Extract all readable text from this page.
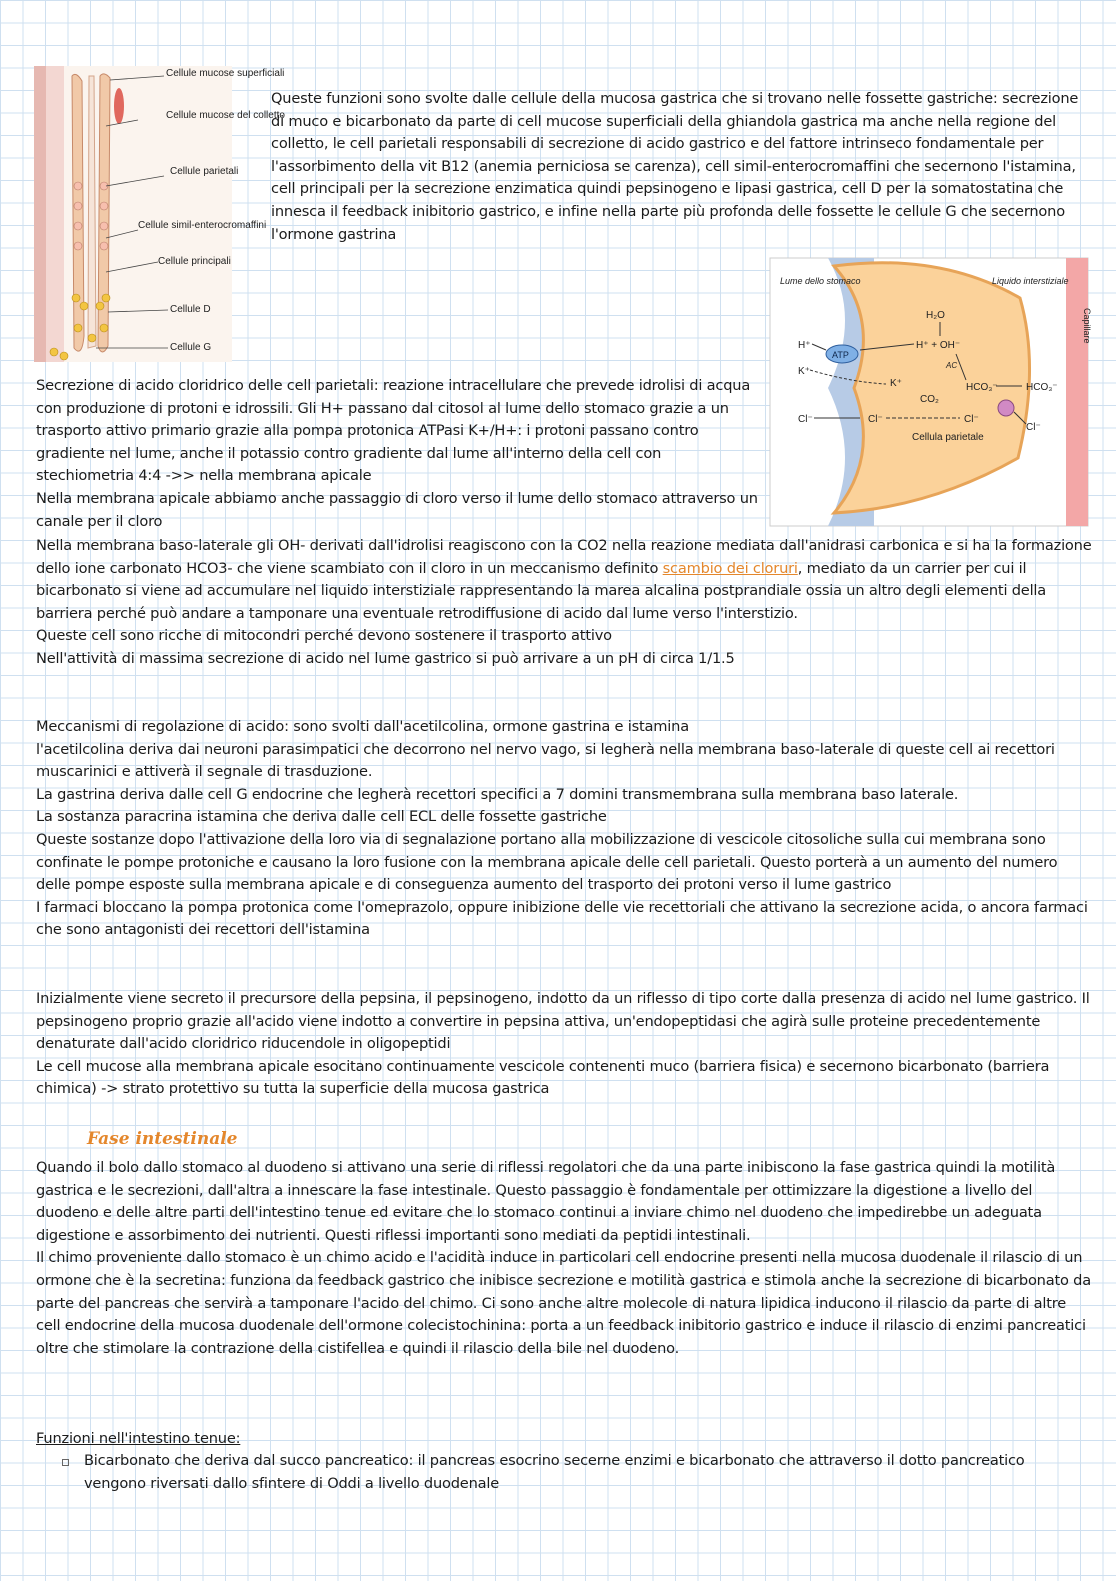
Cellule mucose superficiali
Cellule mucose del colletto
Cellule parietali
Cellule simil-enterocromaffini
Cellule principali
Cellule D
Cellule G
Lume dello stomaco	Liquido interstiziale
Capillare
Cellula parietale
H₂O
H⁺ + OH⁻
H⁺
K⁺
K⁺
AC
HCO₃⁻	HCO₃⁻
CO₂
Cl⁻	Cl⁻	Cl⁻
Cl⁻
ATP

Queste funzioni sono svolte dalle cellule della mucosa gastrica che si trovano nelle fossette gastriche: secrezione di muco e bicarbonato da parte di cell mucose superficiali della ghiandola gastrica ma anche nella regione del colletto, le cell parietali responsabili di secrezione di acido gastrico e del fattore intrinseco fondamentale per l'assorbimento della vit B12 (anemia perniciosa se carenza), cell simil-enterocromaffini che secernono l'istamina, cell principali per la secrezione enzimatica quindi pepsinogeno e lipasi gastrica, cell D per la somatostatina che innesca il feedback inibitorio gastrico, e infine nella parte più profonda delle fossette le cellule G che secernono l'ormone gastrina

Secrezione di acido cloridrico delle cell parietali: reazione intracellulare che prevede idrolisi di acqua con produzione di protoni e idrossili. Gli H+ passano dal citosol al lume dello stomaco grazie a un trasporto attivo primario grazie alla pompa protonica ATPasi K+/H+: i protoni passano contro gradiente nel lume, anche il potassio contro gradiente dal lume all'interno della cell con stechiometria 4:4 ->> nella membrana apicale
Nella membrana apicale abbiamo anche passaggio di cloro verso il lume dello stomaco attraverso un canale per il cloro

Nella membrana baso-laterale gli OH- derivati dall'idrolisi reagiscono con la CO2 nella reazione mediata dall'anidrasi carbonica e si ha la formazione dello ione carbonato HCO3- che viene scambiato con il cloro in un meccanismo definito scambio dei cloruri, mediato da un carrier per cui il bicarbonato si viene ad accumulare nel liquido interstiziale rappresentando la marea alcalina postprandiale ossia un altro degli elementi della barriera perché può andare a tamponare una eventuale retrodiffusione di acido dal lume verso l'interstizio.
Queste cell sono ricche di mitocondri perché devono sostenere il trasporto attivo
Nell'attività di massima secrezione di acido nel lume gastrico si può arrivare a un pH di circa 1/1.5

Meccanismi di regolazione di acido: sono svolti dall'acetilcolina, ormone gastrina e istamina
l'acetilcolina deriva dai neuroni parasimpatici che decorrono nel nervo vago, si legherà nella membrana baso-laterale di queste cell ai recettori muscarinici e attiverà il segnale di trasduzione.
La gastrina deriva dalle cell G endocrine che legherà recettori specifici a 7 domini transmembrana sulla membrana baso laterale.
La sostanza paracrina istamina che deriva dalle cell ECL delle fossette gastriche
Queste sostanze dopo l'attivazione della loro via di segnalazione portano alla mobilizzazione di vescicole citosoliche sulla cui membrana sono confinate le pompe protoniche e causano la loro fusione con la membrana apicale delle cell parietali. Questo porterà a un aumento del numero delle pompe esposte sulla membrana apicale e di conseguenza aumento del trasporto dei protoni verso il lume gastrico
I farmaci bloccano la pompa protonica come l'omeprazolo, oppure inibizione delle vie recettoriali che attivano la secrezione acida, o ancora farmaci che sono antagonisti dei recettori dell'istamina

Inizialmente viene secreto il precursore della pepsina, il pepsinogeno, indotto da un riflesso di tipo corte dalla presenza di acido nel lume gastrico. Il pepsinogeno proprio grazie all'acido viene indotto a convertire in pepsina attiva, un'endopeptidasi che agirà sulle proteine precedentemente denaturate dall'acido cloridrico riducendole in oligopeptidi
Le cell mucose alla membrana apicale esocitano continuamente vescicole contenenti muco (barriera fisica) e secernono bicarbonato (barriera chimica) -> strato protettivo su tutta la superficie della mucosa gastrica

Fase intestinale

Quando il bolo dallo stomaco al duodeno si attivano una serie di riflessi regolatori che da una parte inibiscono la fase gastrica quindi la motilità gastrica e le secrezioni, dall'altra a innescare la fase intestinale. Questo passaggio è fondamentale per ottimizzare la digestione a livello del duodeno e delle altre parti dell'intestino tenue ed evitare che lo stomaco continui a inviare chimo nel duodeno che impedirebbe un adeguata digestione e assorbimento dei nutrienti. Questi riflessi importanti sono mediati da peptidi intestinali.
Il chimo proveniente dallo stomaco è un chimo acido e l'acidità induce in particolari cell endocrine presenti nella mucosa duodenale il rilascio di un ormone che è la secretina: funziona da feedback gastrico che inibisce secrezione e motilità gastrica e stimola anche la secrezione di bicarbonato da parte del pancreas che servirà a tamponare l'acido del chimo. Ci sono anche altre molecole di natura lipidica inducono il rilascio da parte di altre cell endocrine della mucosa duodenale dell'ormone colecistochinina: porta a un feedback inibitorio gastrico e induce il rilascio di enzimi pancreatici oltre che stimolare la contrazione della cistifellea e quindi il rilascio della bile nel duodeno.

Funzioni nell'intestino tenue:

Bicarbonato che deriva dal succo pancreatico: il pancreas esocrino secerne enzimi e bicarbonato che attraverso il dotto pancreatico vengono riversati dallo sfintere di Oddi a livello duodenale
